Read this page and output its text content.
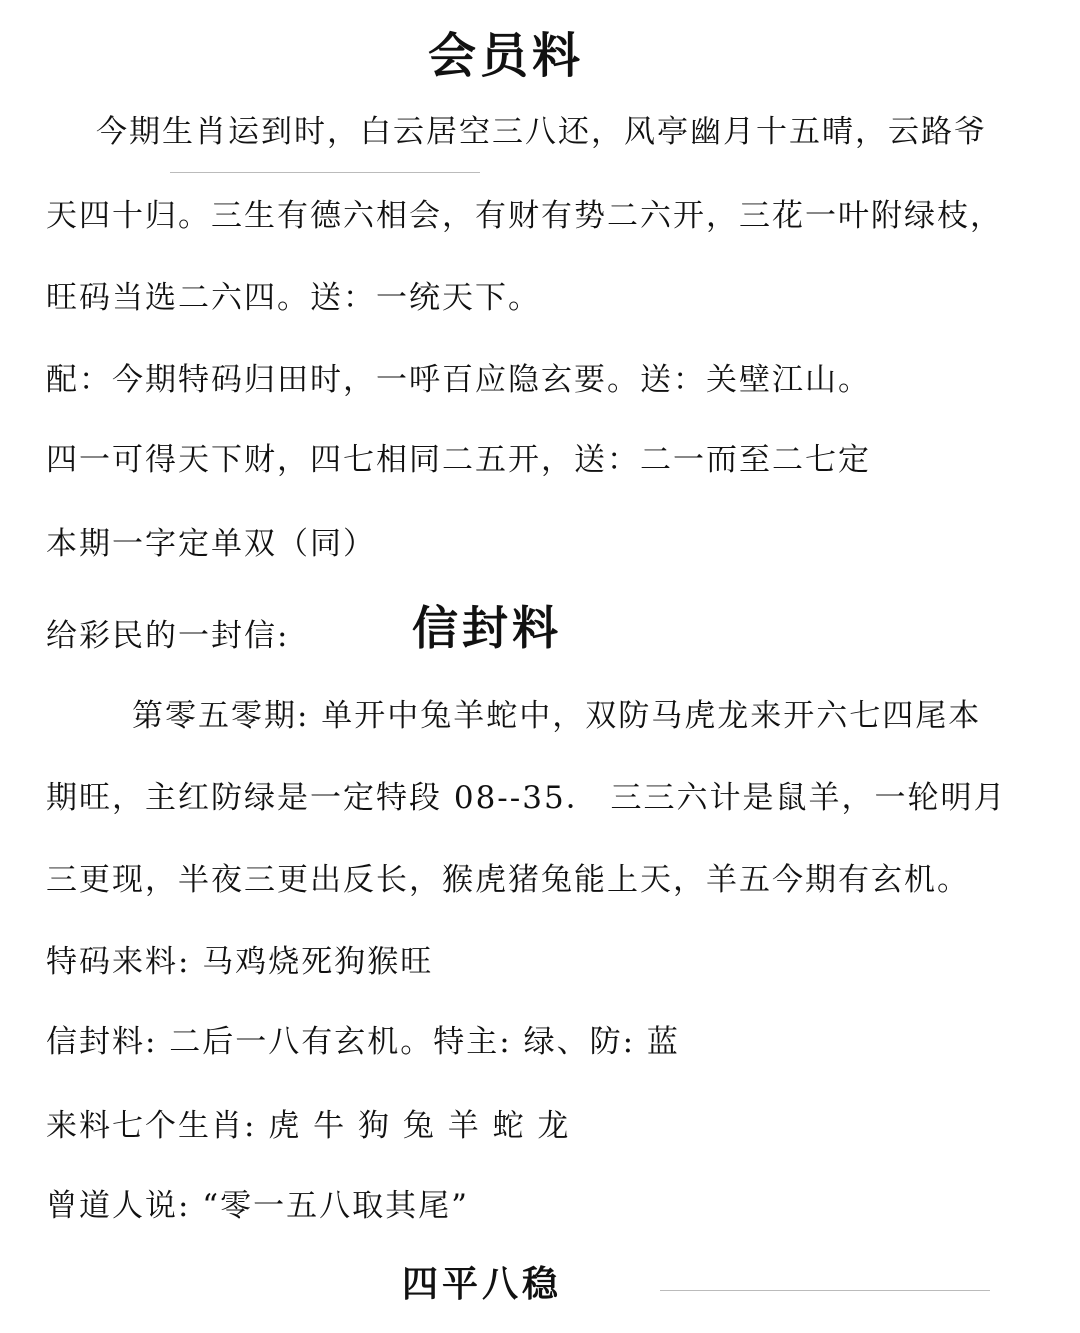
会员料
今期生肖运到时，白云居空三八还，风亭幽月十五晴，云路爷
天四十归。三生有德六相会，有财有势二六开，三花一叶附绿枝，
旺码当选二六四。送：一统天下。
配：今期特码归田时，一呼百应隐玄要。送：关壁江山。
四一可得天下财，四七相同二五开，送：二一而至二七定
本期一字定单双（同）
给彩民的一封信:	信封料
第零五零期: 单开中兔羊蛇中，双防马虎龙来开六七四尾本
期旺，主红防绿是一定特段 08--35． 三三六计是鼠羊，一轮明月
三更现，半夜三更出反长，猴虎猪兔能上天，羊五今期有玄机。
特码来料: 马鸡烧死狗猴旺
信封料: 二后一八有玄机。特主: 绿、防: 蓝
来料七个生肖: 虎 牛 狗 兔 羊 蛇 龙
曾道人说: “零一五八取其尾”
四平八稳
